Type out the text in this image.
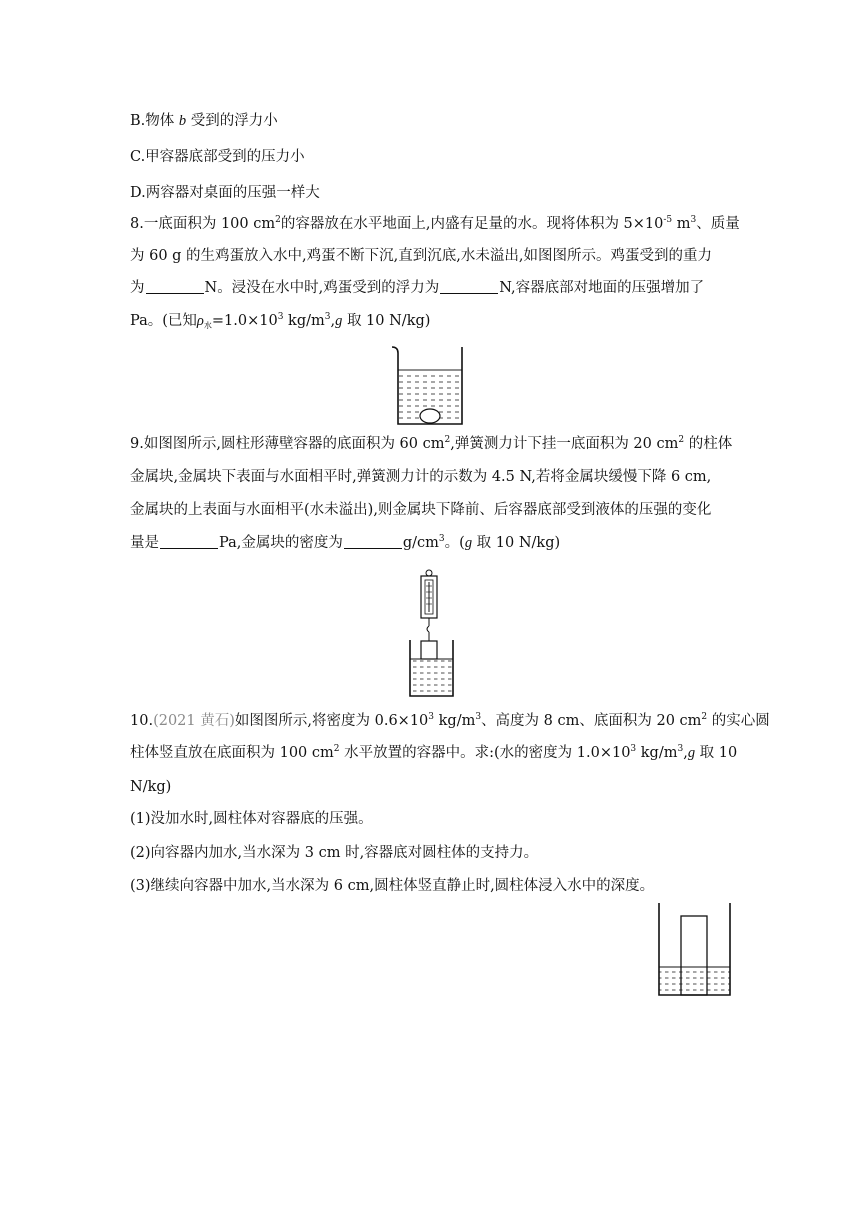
B.物体 b 受到的浮力小
C.甲容器底部受到的压力小
D.两容器对桌面的压强一样大
8.一底面积为 100 $cm^2$的容器放在水平地面上,内盛有足量的水。现将体积为 $5\times 10^{-5}$ $m^3$、质量
为 60 g 的生鸡蛋放入水中,鸡蛋不断下沉,直到沉底,水未溢出,如图图所示。鸡蛋受到的重力
为	N。浸没在水中时,鸡蛋受到的浮力为	N,容器底部对地面的压强增加了
Pa。(已知$\rho_水=1.0\times 10^3$ $kg/m^3,g$ 取 10 N/kg)
9.如图图所示,圆柱形薄壁容器的底面积为 60 $cm^2$,弹簧测力计下挂一底面积为 20 $cm^2$ 的柱体
金属块,金属块下表面与水面相平时,弹簧测力计的示数为 4.5 N,若将金属块缓慢下降 6 cm,
金属块的上表面与水面相平(水未溢出),则金属块下降前、后容器底部受到液体的压强的变化
量是	Pa,金属块的密度为	$g/cm^3$。(g 取 10 N/kg)
10.(2021 黄石)如图图所示,将密度为 $0.6\times 10^3$ $kg/m^3$、高度为 8 cm、底面积为 20 $cm^2$ 的实心圆
柱体竖直放在底面积为 100 $cm^2$ 水平放置的容器中。求:(水的密度为 $1.0\times 10^3$ $kg/m^3,g$ 取 10
N/kg)
(1)没加水时,圆柱体对容器底的压强。
(2)向容器内加水,当水深为 3 cm 时,容器底对圆柱体的支持力。
(3)继续向容器中加水,当水深为 6 cm,圆柱体竖直静止时,圆柱体浸入水中的深度。
